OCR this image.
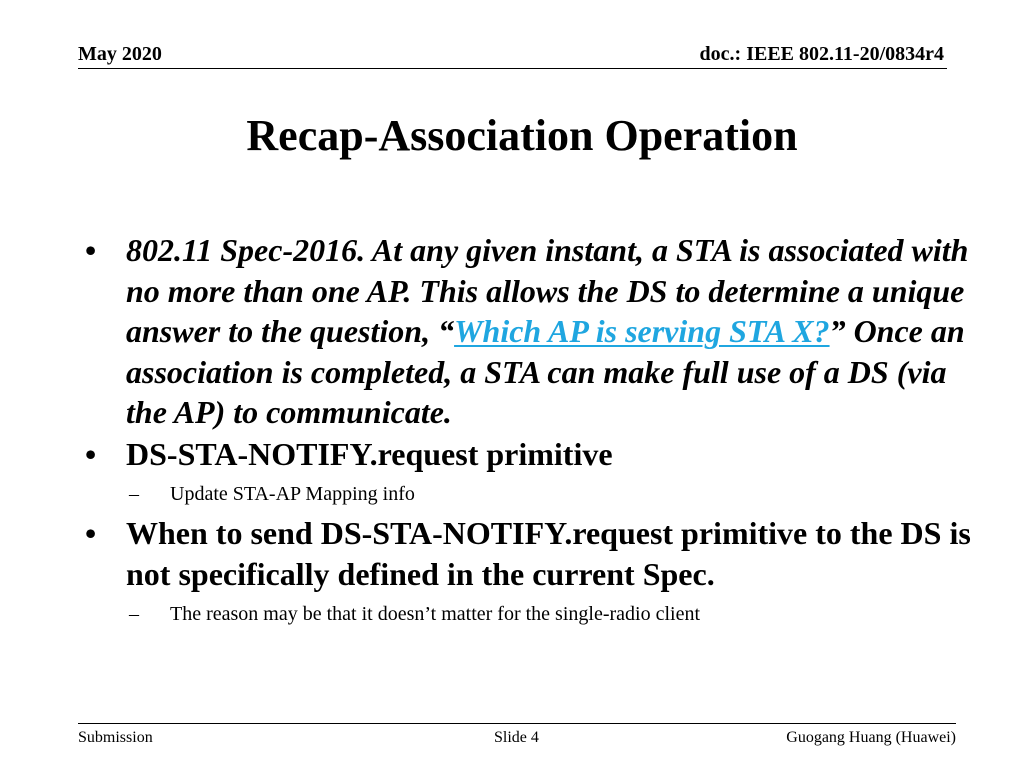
May 2020	doc.: IEEE 802.11-20/0834r4
Recap-Association Operation
• 802.11 Spec-2016. At any given instant, a STA is associated with no more than one AP. This allows the DS to determine a unique answer to the question, “Which AP is serving STA X?” Once an association is completed, a STA can make full use of a DS (via the AP) to communicate.
• DS-STA-NOTIFY.request primitive
– Update STA-AP Mapping info
• When to send DS-STA-NOTIFY.request primitive to the DS is not specifically defined in the current Spec.
– The reason may be that it doesn’t matter for the single-radio client
Submission	Slide 4	Guogang Huang (Huawei)
